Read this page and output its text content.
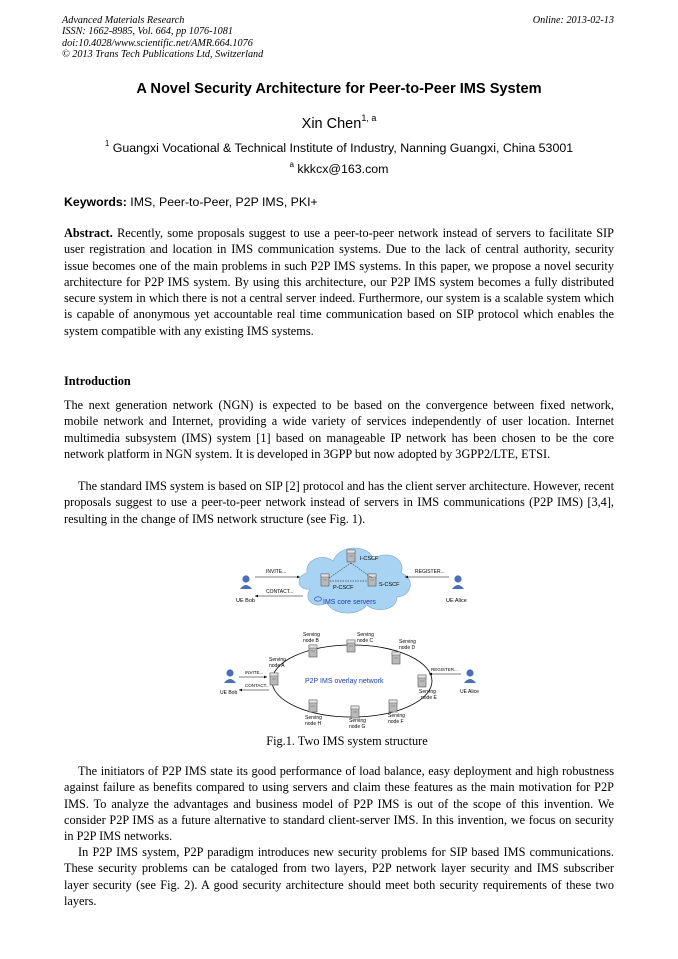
Advanced Materials Research
ISSN: 1662-8985, Vol. 664, pp 1076-1081
doi:10.4028/www.scientific.net/AMR.664.1076
© 2013 Trans Tech Publications Ltd, Switzerland
Online: 2013-02-13
A Novel Security Architecture for Peer-to-Peer IMS System
Xin Chen$^{1, a}$
$^1$ Guangxi Vocational & Technical Institute of Industry, Nanning Guangxi, China 53001
$^a$ kkkcx@163.com
Keywords: IMS, Peer-to-Peer, P2P IMS, PKI+

Abstract. Recently, some proposals suggest to use a peer-to-peer network instead of servers to facilitate SIP user registration and location in IMS communication systems. Due to the lack of central authority, security issue becomes one of the main problems in such P2P IMS systems. In this paper, we propose a novel security architecture for P2P IMS system. By using this architecture, our P2P IMS system becomes a fully distributed secure system in which there is not a central server indeed. Furthermore, our system is a scalable system which is capable of anonymous yet accountable real time communication based on SIP protocol which enables the system compatible with any existing IMS systems.

Introduction

The next generation network (NGN) is expected to be based on the convergence between fixed network, mobile network and Internet, providing a wide variety of services independently of user location. Internet multimedia subsystem (IMS) system [1] based on manageable IP network has been chosen to be the core network platform in NGN system. It is developed in 3GPP but now adopted by 3GPP2/LTE, ETSI.

The standard IMS system is based on SIP [2] protocol and has the client server architecture. However, recent proposals suggest to use a peer-to-peer network instead of servers in IMS communications (P2P IMS) [3,4], resulting in the change of IMS network structure (see Fig. 1).

I-CSCF
P-CSCF	S-CSCF
IMS core servers
UE Bob
INVITE...
CONTACT...
UE Alice
REGISTER...
P2P IMS overlay network
Serving
node A
Serving
node B
Serving
node C	Serving
node D
Serving
node E
Serving
node F
Serving
node G
Serving
node H
UE Bob
INVITE...
CONTACT...
UE Alice
REGISTER...
Fig.1. Two IMS system structure

The initiators of P2P IMS state its good performance of load balance, easy deployment and high robustness against failure as benefits compared to using servers and claim these features as the main motivation for P2P IMS. To analyze the advantages and business model of P2P IMS is out of the scope of this invention. We consider P2P IMS as a future alternative to standard client-server IMS. In this invention, we focus on security in P2P IMS networks.

In P2P IMS system, P2P paradigm introduces new security problems for SIP based IMS communications. These security problems can be cataloged from two layers, P2P network layer security and IMS subscriber layer security (see Fig. 2). A good security architecture should meet both security requirements of these two layers.
